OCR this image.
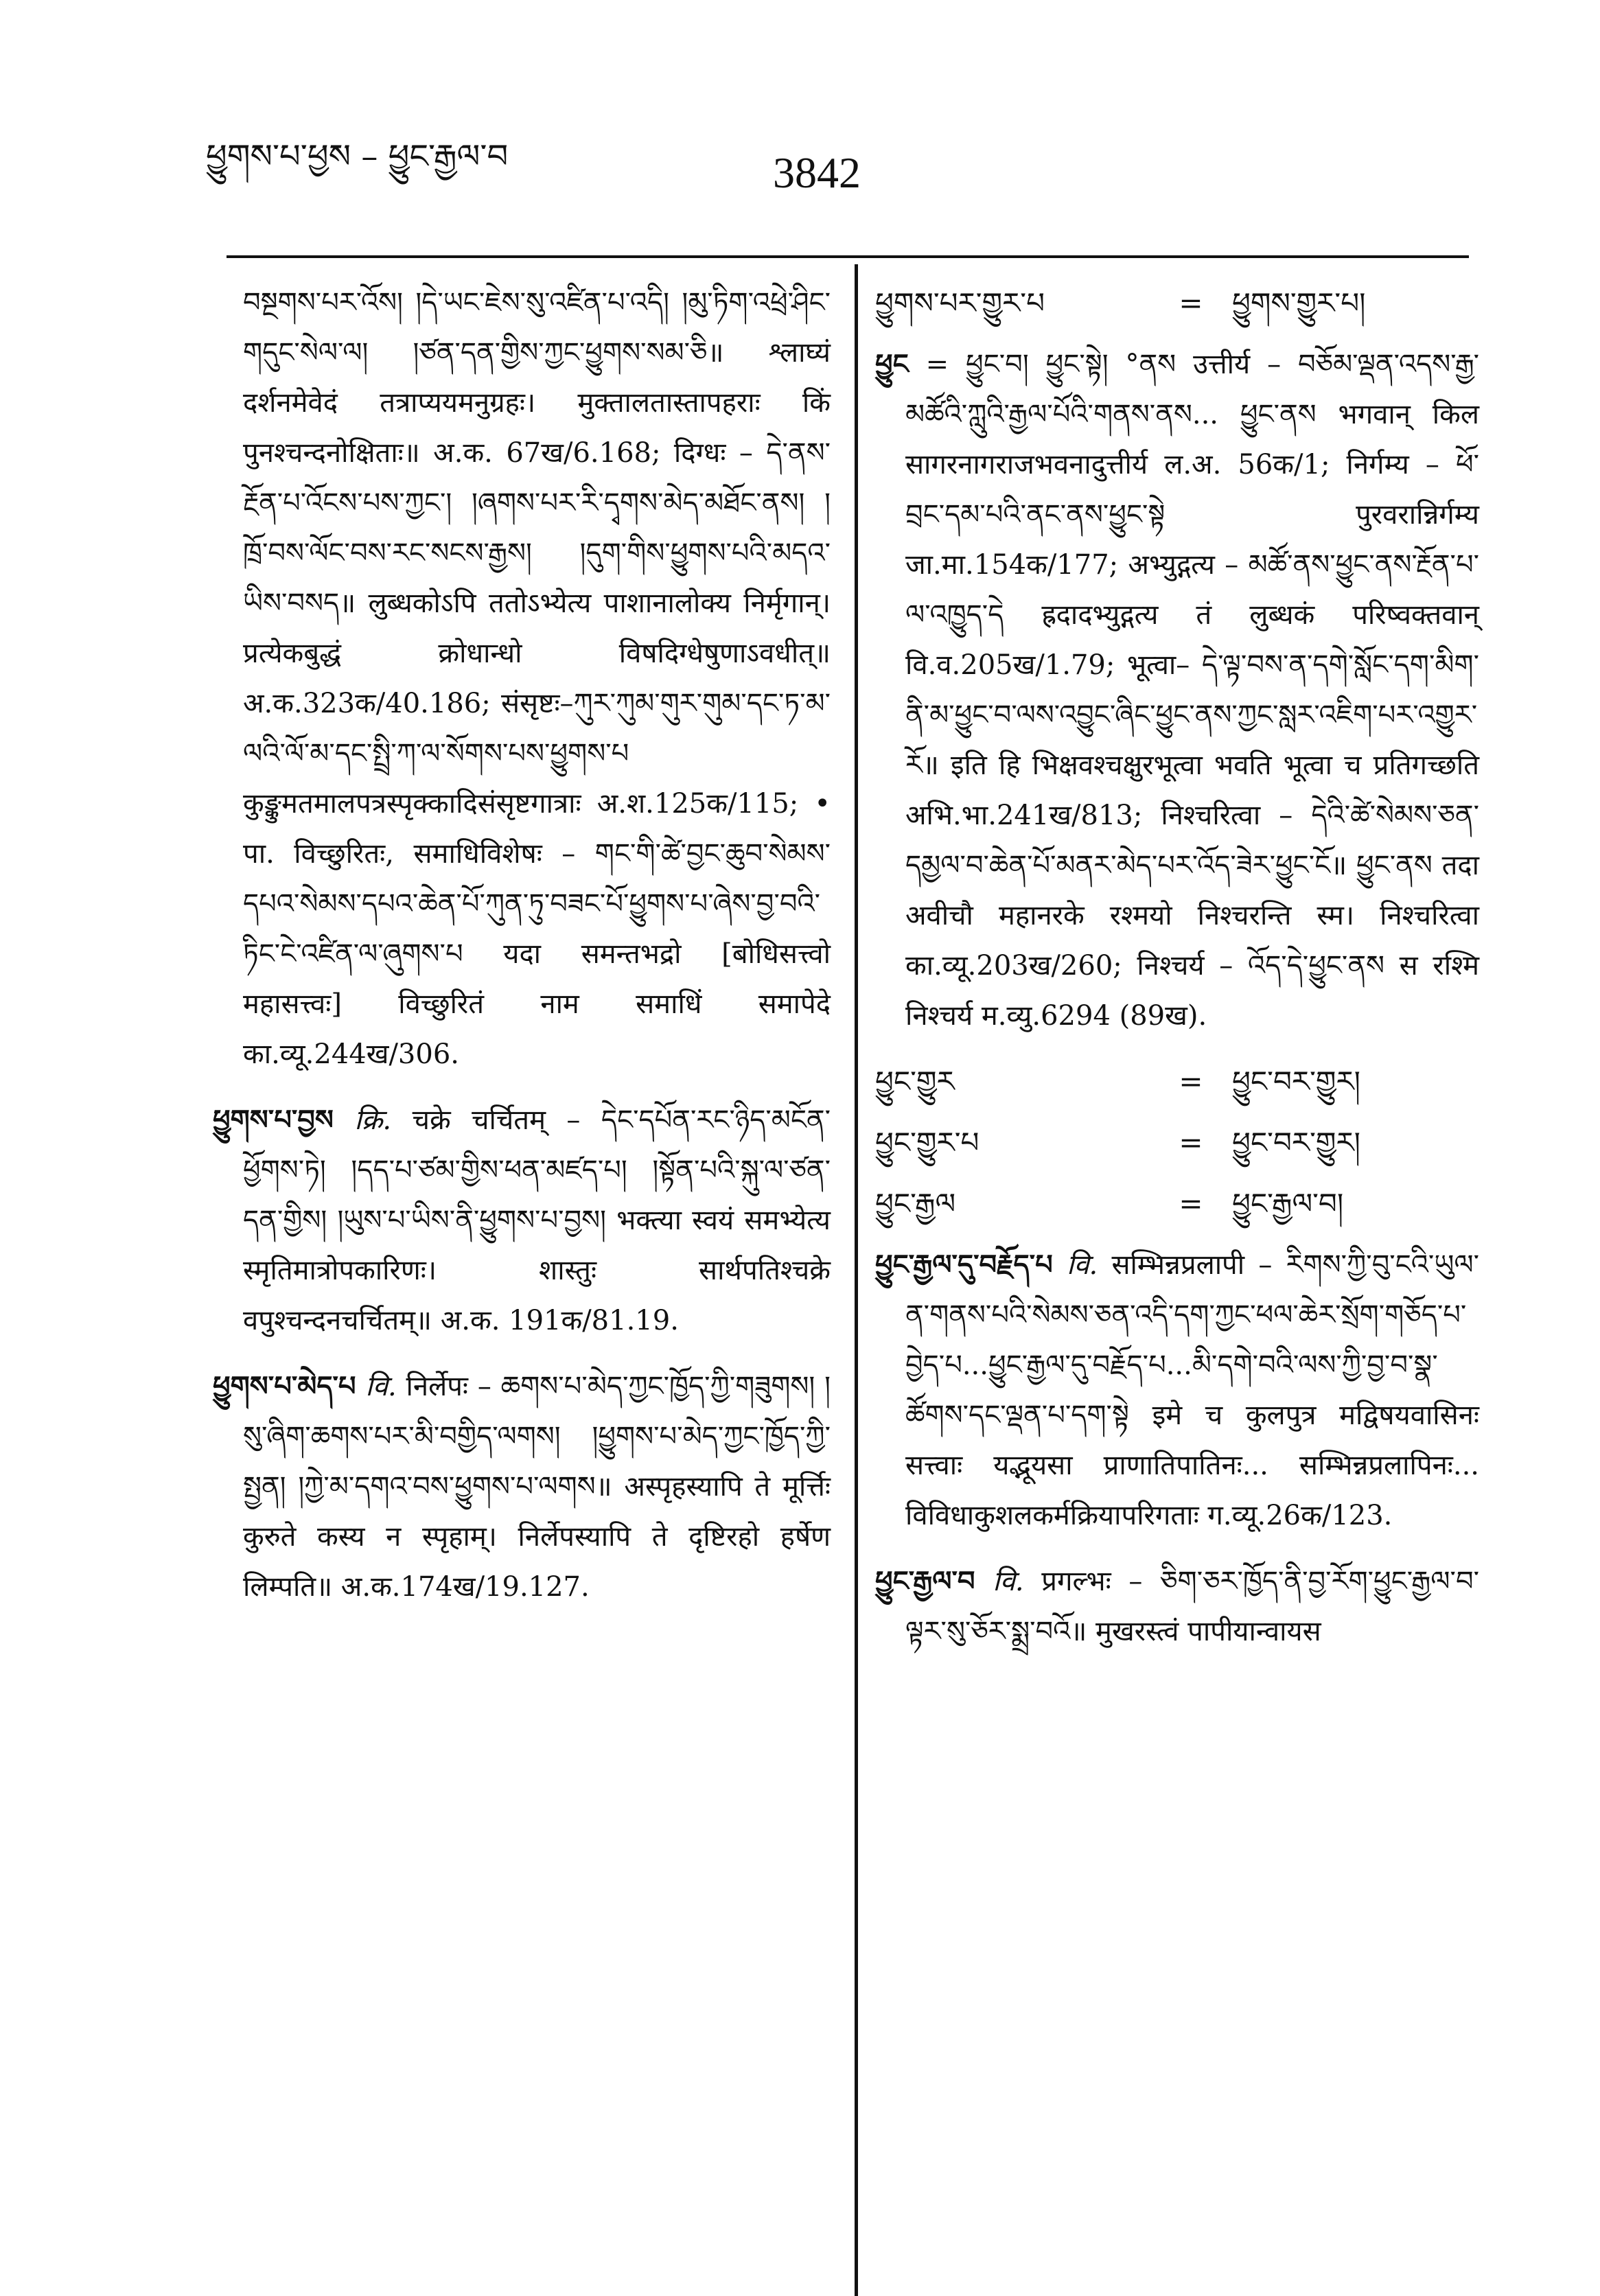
ཕྱུགས་པ་ཕྱས – ཕྱུང་རྒྱལ་བ	3842

བསྔགས་པར་འོས། །དེ་ཡང་ཇེས་སུ་འཛིན་པ་འདི། །མུ་ཏིག་འཕྲེ་ཤིང་གདུང་སེལ་ལ། །ཙན་དན་གྱིས་ཀྱང་ཕྱུགས་སམ་ཅི॥ श्लाघ्यं दर्शनमेवेदं तत्राप्ययमनुग्रहः। मुक्तालतास्तापहराः किं पुनश्चन्दनोक्षिताः॥ अ.क. 67ख/6.168; दिग्धः – དེ་ནས་རྔོན་པ་འོངས་པས་ཀྱང་། །ཞགས་པར་རི་དྭགས་མེད་མཐོང་ནས། །ཁྲོ་བས་ལོང་བས་རང་སངས་རྒྱས། །དུག་གིས་ཕྱུགས་པའི་མདའ་ཡིས་བསད॥ लुब्धकोऽपि ततोऽभ्येत्य पाशानालोक्य निर्मृगान्। प्रत्येकबुद्धं क्रोधान्धो विषदिग्धेषुणाऽवधीत्॥ अ.क.323क/40.186; संसृष्टः–ཀུར་ཀུམ་གུར་གུམ་དང་ཏ་མ་ལའི་ལོ་མ་དང་སྤྲི་ཀ་ལ་སོགས་པས་ཕྱུགས་པ कुङ्कुमतमालपत्रस्पृक्कादिसंसृष्टगात्राः अ.श.125क/115; • पा. विच्छुरितः, समाधिविशेषः – གང་གི་ཚེ་བྱང་ཆུབ་སེམས་དཔའ་སེམས་དཔའ་ཆེན་པོ་ཀུན་ཏུ་བཟང་པོ་ཕྱུགས་པ་ཞེས་བྱ་བའི་ཏིང་ངེ་འཛིན་ལ་ཞུགས་པ यदा समन्तभद्रो [बोधिसत्त्वो महासत्त्वः] विच्छुरितं नाम समाधिं समापेदे का.व्यू.244ख/306.

ཕྱུགས་པ་བྱས क्रि. चक्रे चर्चितम् – དེང་དཔོན་རང་ཉིད་མངོན་ཕྱོགས་ཏེ། །དད་པ་ཙམ་གྱིས་ཕན་མཛད་པ། །སྟོན་པའི་སྐུ་ལ་ཙན་དན་གྱིས། །ཡུས་པ་ཡིས་ནི་ཕྱུགས་པ་བྱས། भक्त्या स्वयं समभ्येत्य स्मृतिमात्रोपकारिणः। शास्तुः सार्थपतिश्चक्रे वपुश्चन्दनचर्चितम्॥ अ.क. 191क/81.19.

ཕྱུགས་པ་མེད་པ वि. निर्लेपः – ཆགས་པ་མེད་ཀྱང་ཁྱོད་ཀྱི་གཟུགས། །སུ་ཞིག་ཆགས་པར་མི་བགྱིད་ལགས། །ཕྱུགས་པ་མེད་ཀྱང་ཁྱོད་ཀྱི་སྤྱན། །ཀྱེ་མ་དགའ་བས་ཕྱུགས་པ་ལགས॥ अस्पृहस्यापि ते मूर्त्तिः कुरुते कस्य न स्पृहाम्। निर्लेपस्यापि ते दृष्टिरहो हर्षेण लिम्पति॥ अ.क.174ख/19.127.

ཕྱུགས་པར་གྱུར་པ	=	ཕྱུགས་གྱུར་པ།

ཕྱུང = ཕྱུང་བ། ཕྱུང་སྟེ། °ནས उत्तीर्य – བཅོམ་ལྡན་འདས་རྒྱ་མཚོའི་ཀླུའི་རྒྱལ་པོའི་གནས་ནས... ཕྱུང་ནས भगवान् किल सागरनागराजभवनादुत्तीर्य ल.अ. 56क/1; निर्गम्य – ཕོ་བྲང་དམ་པའི་ནང་ནས་ཕྱུང་སྟེ पुरवरान्निर्गम्य जा.मा.154क/177; अभ्युद्गत्य – མཚོ་ནས་ཕྱུང་ནས་རྔོན་པ་ལ་འཁྱུད་དེ ह्रदादभ्युद्गत्य तं लुब्धकं परिष्वक्तवान् वि.व.205ख/1.79; भूत्वा– དེ་ལྟ་བས་ན་དགེ་སློང་དག་མིག་ནི་མ་ཕྱུང་བ་ལས་འབྱུང་ཞིང་ཕྱུང་ནས་ཀྱང་སླར་འཇིག་པར་འགྱུར་རོ॥ इति हि भिक्षवश्चक्षुरभूत्वा भवति भूत्वा च प्रतिगच्छति अभि.भा.241ख/813; निश्चरित्वा – དེའི་ཚེ་སེམས་ཅན་དམྱལ་བ་ཆེན་པོ་མནར་མེད་པར་འོད་ཟེར་ཕྱུང་ངོ॥ ཕྱུང་ནས तदा अवीचौ महानरके रश्मयो निश्चरन्ति स्म। निश्चरित्वा का.व्यू.203ख/260; निश्चर्य – འོད་དེ་ཕྱུང་ནས स रश्मि निश्चर्य म.व्यु.6294 (89ख).

ཕྱུང་གྱུར	=	ཕྱུང་བར་གྱུར།
ཕྱུང་གྱུར་པ	=	ཕྱུང་བར་གྱུར།
ཕྱུང་རྒྱལ	=	ཕྱུང་རྒྱལ་བ།

ཕྱུང་རྒྱལ་དུ་བརྗོད་པ वि. सम्भिन्नप्रलापी – རིགས་ཀྱི་བུ་ངའི་ཡུལ་ན་གནས་པའི་སེམས་ཅན་འདི་དག་ཀྱང་ཕལ་ཆེར་སྲོག་གཅོད་པ་བྱེད་པ...ཕྱུང་རྒྱལ་དུ་བརྗོད་པ...མི་དགེ་བའི་ལས་ཀྱི་བྱ་བ་སྣ་ཚོགས་དང་ལྡན་པ་དག་སྟེ इमे च कुलपुत्र मद्विषयवासिनः सत्त्वाः यद्भूयसा प्राणातिपातिनः... सम्भिन्नप्रलापिनः... विविधाकुशलकर्मक्रियापरिगताः ग.व्यू.26क/123.

ཕྱུང་རྒྱལ་བ वि. प्रगल्भः – ཅིག་ཅར་ཁྱོད་ནི་བྱ་རོག་ཕྱུང་རྒྱལ་བ་ལྟར་སུ་ཅོར་སྨྲ་བའོ॥ मुखरस्त्वं पापीयान्वायस
